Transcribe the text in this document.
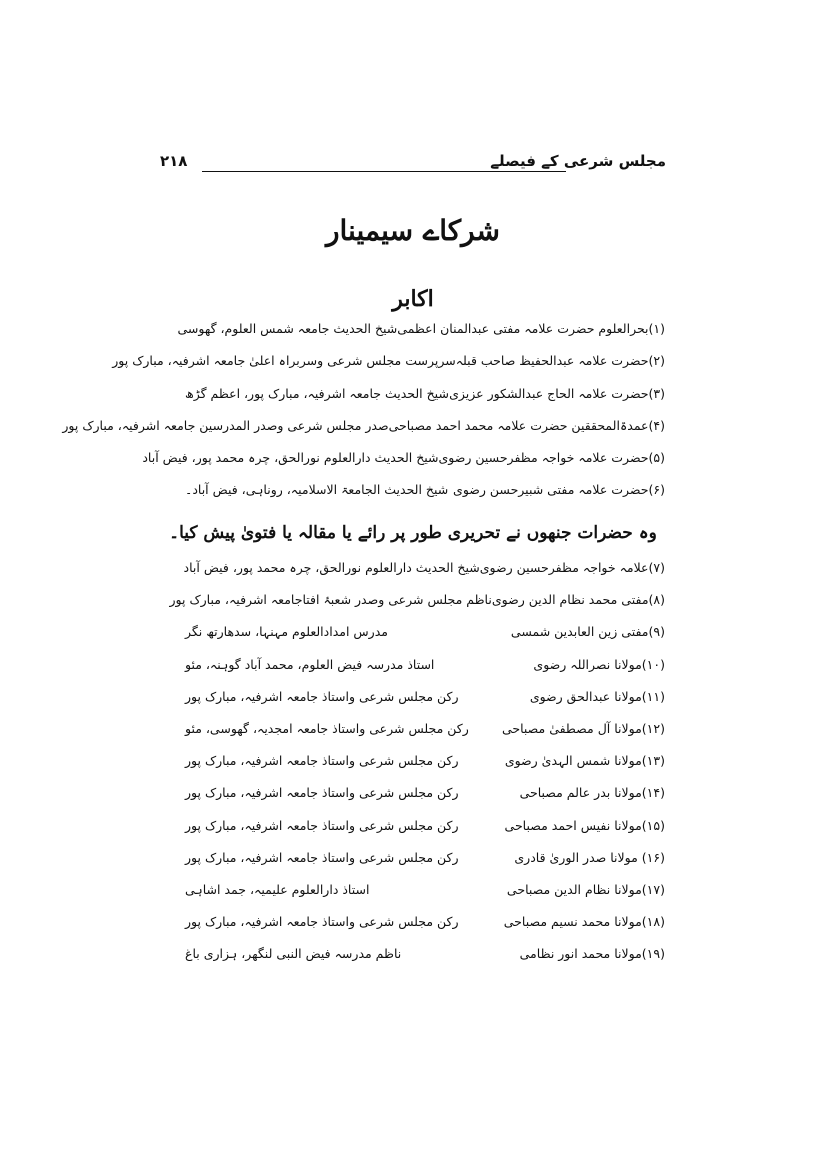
مجلس شرعی کے فیصلے
۲۱۸
شرکاے سیمینار
اکابر
(۱)بحرالعلوم حضرت علامہ مفتی عبدالمنان اعظمی
شیخ الحدیث جامعہ شمس العلوم، گھوسی
(۲)حضرت علامہ عبدالحفیظ صاحب قبلہ
سرپرست مجلس شرعی وسربراہ اعلیٰ جامعہ اشرفیہ، مبارک پور
(۳)حضرت علامہ الحاج عبدالشکور عزیزی
شیخ الحدیث جامعہ اشرفیہ، مبارک پور، اعظم گڑھ
(۴)عمدۃالمحققین حضرت علامہ محمد احمد مصباحی
صدر مجلس شرعی وصدر المدرسین جامعہ اشرفیہ، مبارک پور
(۵)حضرت علامہ خواجہ مظفرحسین رضوی
شیخ الحدیث دارالعلوم نورالحق، چرہ محمد پور، فیض آباد
(۶)حضرت علامہ مفتی شبیرحسن رضوی
شیخ الحدیث الجامعۃ الاسلامیہ، روناہی، فیض آباد۔
وہ حضرات جنھوں نے تحریری طور پر رائے یا مقالہ یا فتویٰ پیش کیا۔
(۷)علامہ خواجہ مظفرحسین رضوی
شیخ الحدیث دارالعلوم نورالحق، چرہ محمد پور، فیض آباد
(۸)مفتی محمد نظام الدین رضوی
ناظم مجلس شرعی وصدر شعبۂ افتاجامعہ اشرفیہ، مبارک پور
(۹)مفتی زین العابدین شمسی
مدرس امدادالعلوم مہنہا، سدھارتھ نگر
(۱۰)مولانا نصراللہ رضوی
استاذ مدرسہ فیض العلوم، محمد آباد گوہنہ، مئو
(۱۱)مولانا عبدالحق رضوی
رکن مجلس شرعی واستاذ جامعہ اشرفیہ، مبارک پور
(۱۲)مولانا آل مصطفیٰ مصباحی
رکن مجلس شرعی واستاذ جامعہ امجدیہ، گھوسی، مئو
(۱۳)مولانا شمس الہدیٰ رضوی
رکن مجلس شرعی واستاذ جامعہ اشرفیہ، مبارک پور
(۱۴)مولانا بدر عالم مصباحی
رکن مجلس شرعی واستاذ جامعہ اشرفیہ، مبارک پور
(۱۵)مولانا نفیس احمد مصباحی
رکن مجلس شرعی واستاذ جامعہ اشرفیہ، مبارک پور
(۱۶) مولانا صدر الوریٰ قادری
رکن مجلس شرعی واستاذ جامعہ اشرفیہ، مبارک پور
(۱۷)مولانا نظام الدین مصباحی
استاذ دارالعلوم علیمیہ، جمد اشاہی
(۱۸)مولانا محمد نسیم مصباحی
رکن مجلس شرعی واستاذ جامعہ اشرفیہ، مبارک پور
(۱۹)مولانا محمد انور نظامی
ناظم مدرسہ فیض النبی لنگھر، ہزاری باغ
